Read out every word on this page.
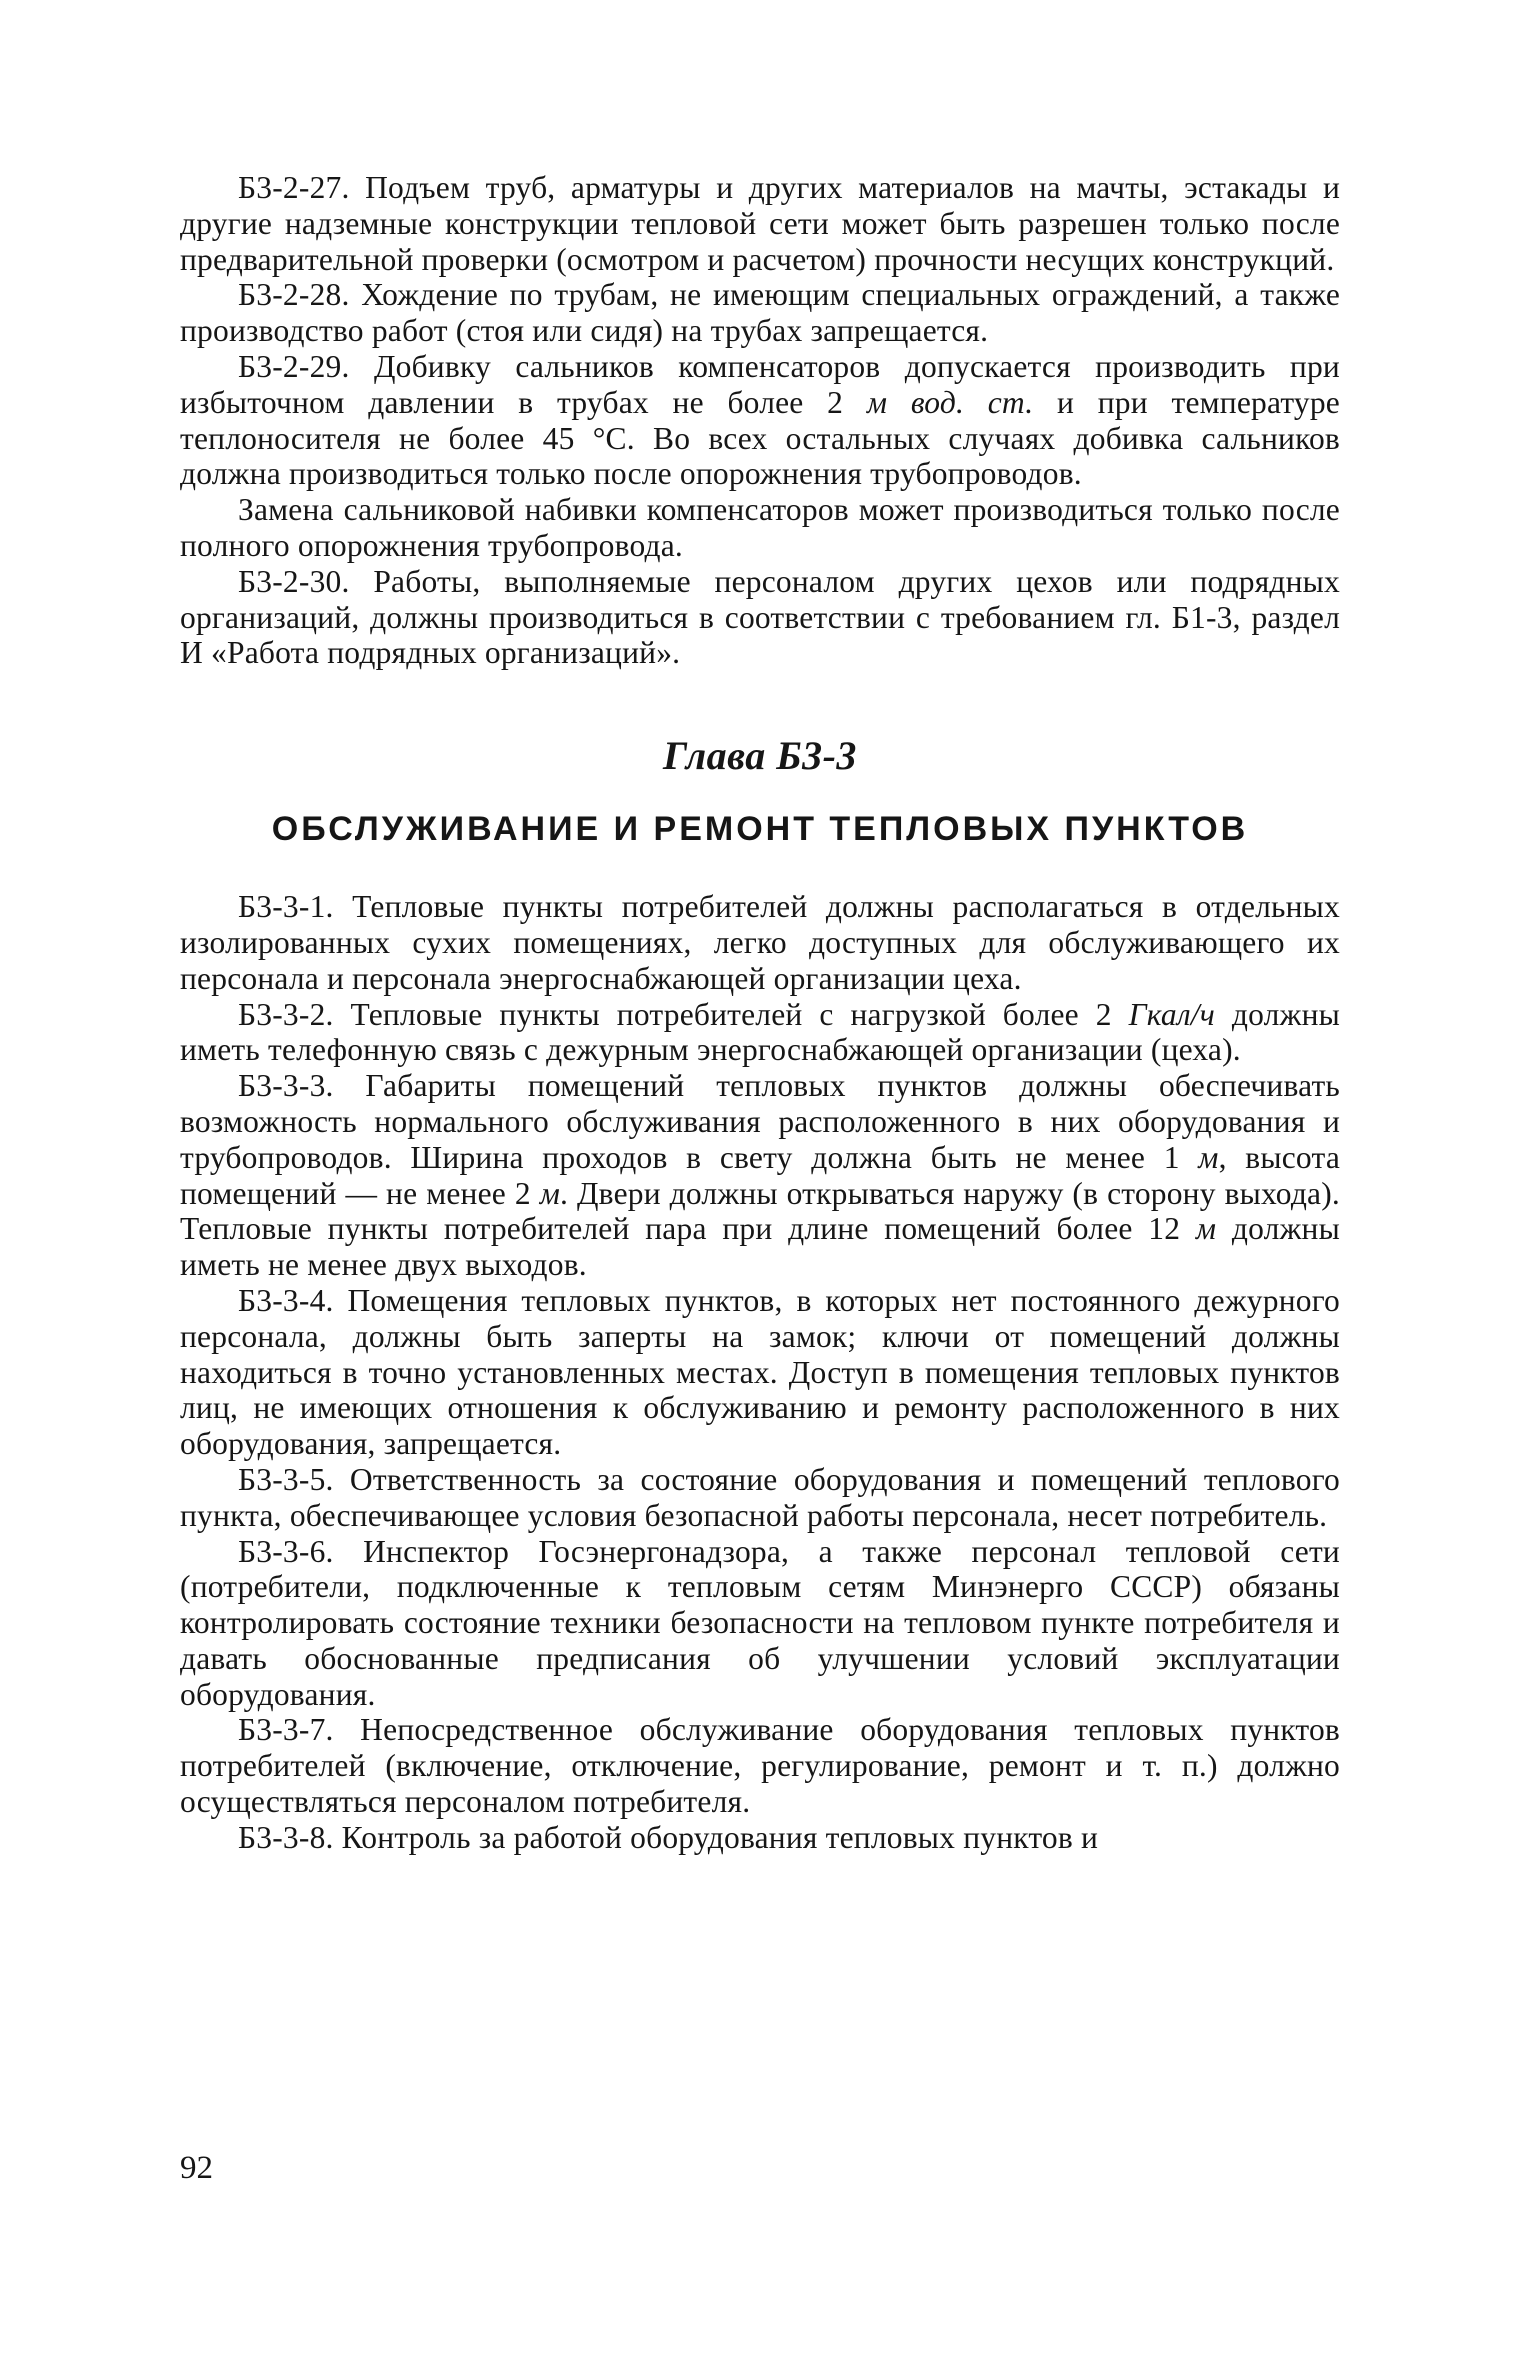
Б3-2-27. Подъем труб, арматуры и других материалов на мачты, эстакады и другие надземные конструкции тепловой сети может быть разрешен только после предварительной проверки (осмотром и расчетом) прочности несущих конструкций.

Б3-2-28. Хождение по трубам, не имеющим специальных ограждений, а также производство работ (стоя или сидя) на трубах запрещается.

Б3-2-29. Добивку сальников компенсаторов допускается производить при избыточном давлении в трубах не более 2 м вод. ст. и при температуре теплоносителя не более 45 °С. Во всех остальных случаях добивка сальников должна производиться только после опорожнения трубопроводов.

Замена сальниковой набивки компенсаторов может производиться только после полного опорожнения трубопровода.

Б3-2-30. Работы, выполняемые персоналом других цехов или подрядных организаций, должны производиться в соответствии с требованием гл. Б1-3, раздел И «Работа подрядных организаций».

Глава Б3-3
ОБСЛУЖИВАНИЕ И РЕМОНТ ТЕПЛОВЫХ ПУНКТОВ

Б3-3-1. Тепловые пункты потребителей должны располагаться в отдельных изолированных сухих помещениях, легко доступных для обслуживающего их персонала и персонала энергоснабжающей организации цеха.

Б3-3-2. Тепловые пункты потребителей с нагрузкой более 2 Гкал/ч должны иметь телефонную связь с дежурным энергоснабжающей организации (цеха).

Б3-3-3. Габариты помещений тепловых пунктов должны обеспечивать возможность нормального обслуживания расположенного в них оборудования и трубопроводов. Ширина проходов в свету должна быть не менее 1 м, высота помещений — не менее 2 м. Двери должны открываться наружу (в сторону выхода). Тепловые пункты потребителей пара при длине помещений более 12 м должны иметь не менее двух выходов.

Б3-3-4. Помещения тепловых пунктов, в которых нет постоянного дежурного персонала, должны быть заперты на замок; ключи от помещений должны находиться в точно установленных местах. Доступ в помещения тепловых пунктов лиц, не имеющих отношения к обслуживанию и ремонту расположенного в них оборудования, запрещается.

Б3-3-5. Ответственность за состояние оборудования и помещений теплового пункта, обеспечивающее условия безопасной работы персонала, несет потребитель.

Б3-3-6. Инспектор Госэнергонадзора, а также персонал тепловой сети (потребители, подключенные к тепловым сетям Минэнерго СССР) обязаны контролировать состояние техники безопасности на тепловом пункте потребителя и давать обоснованные предписания об улучшении условий эксплуатации оборудования.

Б3-3-7. Непосредственное обслуживание оборудования тепловых пунктов потребителей (включение, отключение, регулирование, ремонт и т. п.) должно осуществляться персоналом потребителя.

Б3-3-8. Контроль за работой оборудования тепловых пунктов и

92
